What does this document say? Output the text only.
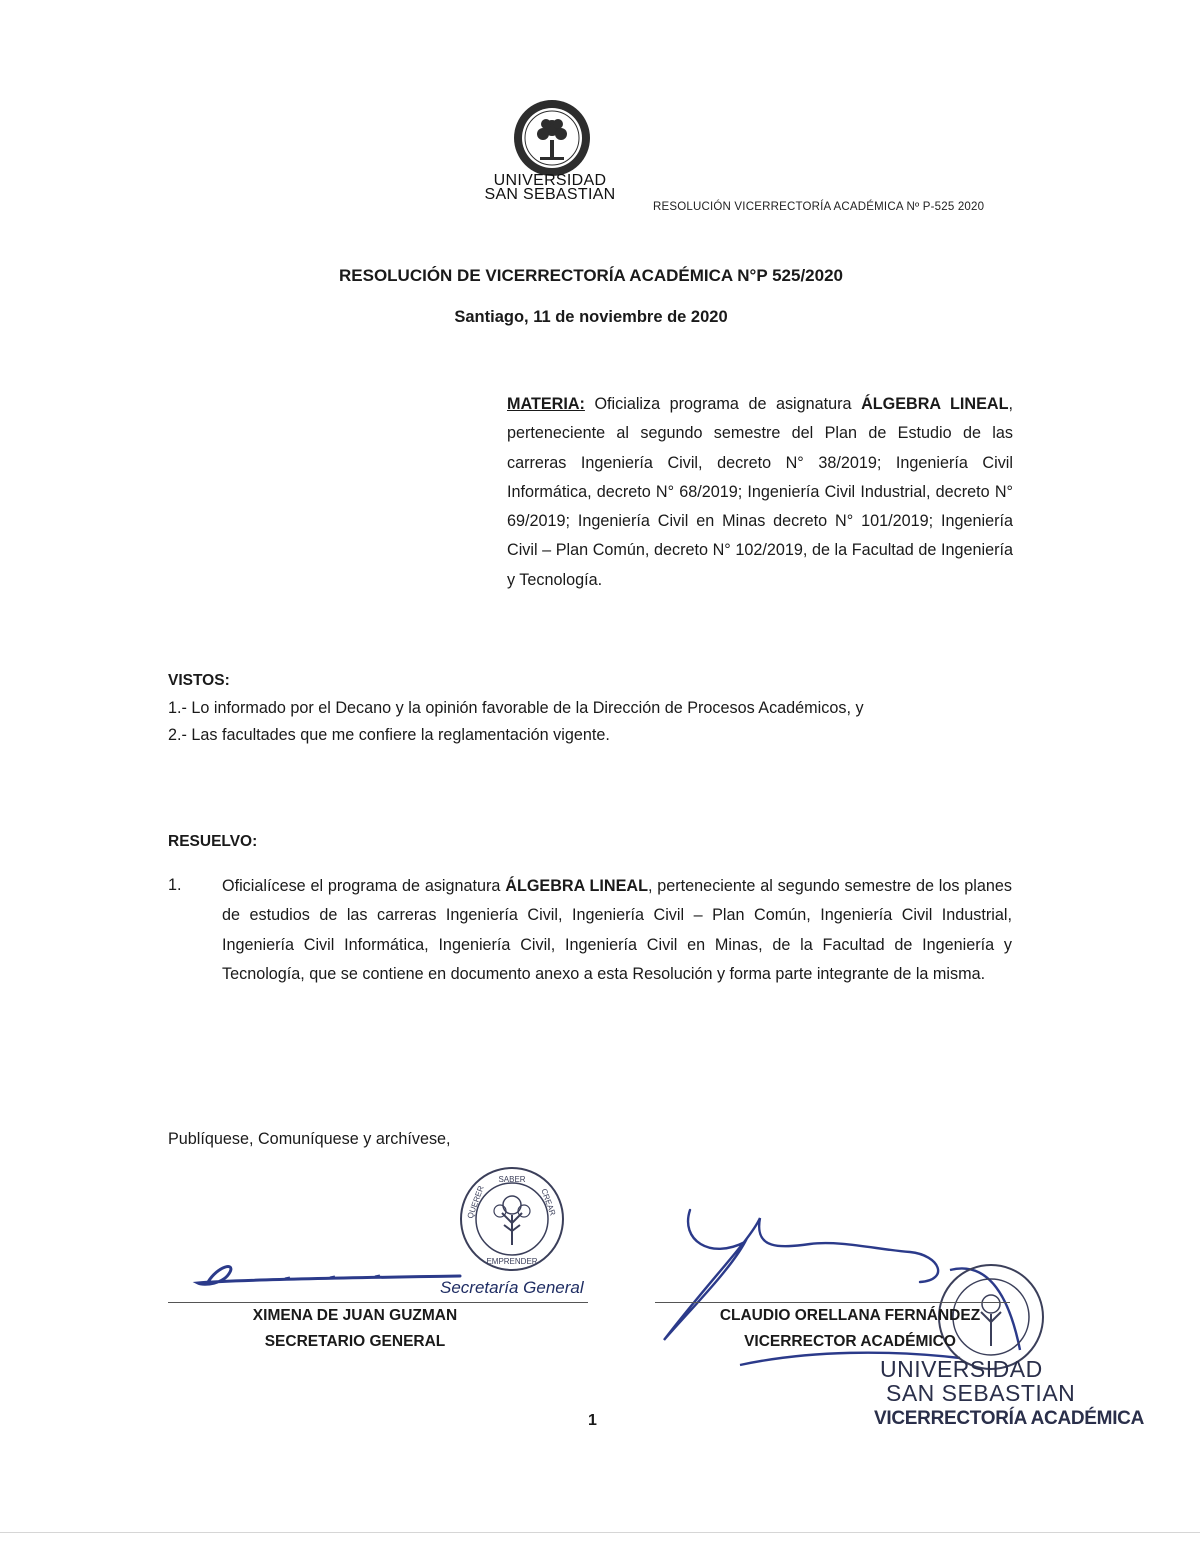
UNIVERSIDAD
SAN SEBASTIAN
RESOLUCIÓN VICERRECTORÍA ACADÉMICA Nº P-525 2020
RESOLUCIÓN DE VICERRECTORÍA ACADÉMICA N°P 525/2020
Santiago, 11 de noviembre de 2020
MATERIA: Oficializa programa de asignatura ÁLGEBRA LINEAL, perteneciente al segundo semestre del Plan de Estudio de las carreras Ingeniería Civil, decreto N° 38/2019; Ingeniería Civil Informática, decreto N° 68/2019; Ingeniería Civil Industrial, decreto N° 69/2019; Ingeniería Civil en Minas decreto N° 101/2019; Ingeniería Civil – Plan Común, decreto N° 102/2019, de la Facultad de Ingeniería y Tecnología.
VISTOS:
1.- Lo informado por el Decano y la opinión favorable de la Dirección de Procesos Académicos, y
2.- Las facultades que me confiere la reglamentación vigente.
RESUELVO:
1. Oficialícese el programa de asignatura ÁLGEBRA LINEAL, perteneciente al segundo semestre de los planes de estudios de las carreras Ingeniería Civil, Ingeniería Civil – Plan Común, Ingeniería Civil Industrial, Ingeniería Civil Informática, Ingeniería Civil, Ingeniería Civil en Minas, de la Facultad de Ingeniería y Tecnología, que se contiene en documento anexo a esta Resolución y forma parte integrante de la misma.
Publíquese, Comuníquese y archívese,
SABER
CREAR
EMPRENDER
QUERER
Secretaría General
XIMENA DE JUAN GUZMAN
SECRETARIO GENERAL
CLAUDIO ORELLANA FERNÁNDEZ
VICERRECTOR ACADÉMICO
UNIVERSIDAD
SAN SEBASTIAN
VICERRECTORÍA ACADÉMICA
1
